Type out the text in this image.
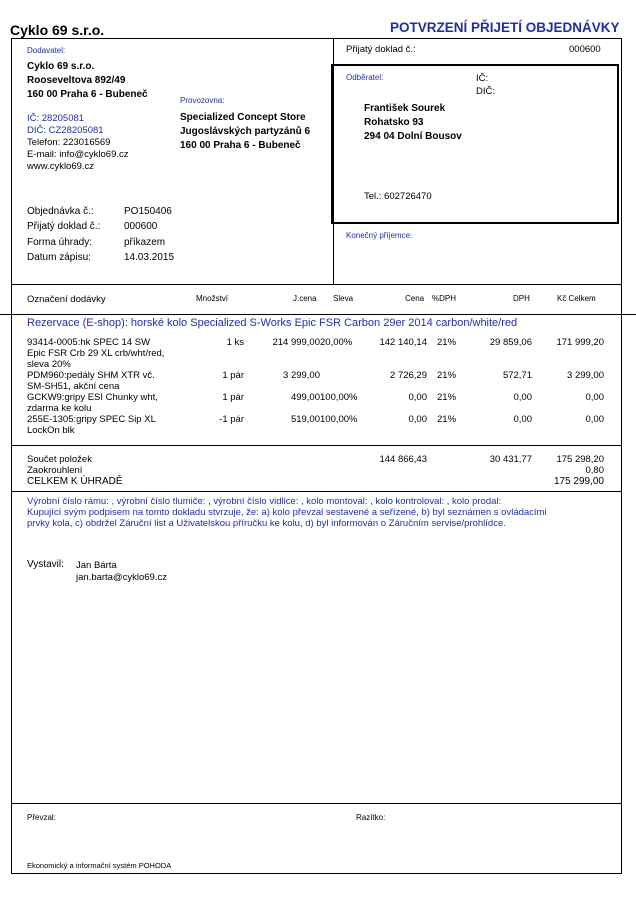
Cyklo 69 s.r.o.	POTVRZENÍ PŘIJETÍ OBJEDNÁVKY
Dodavatel:
Cyklo 69 s.r.o.
Rooseveltova 892/49
160 00 Praha 6 - Bubeneč
IČ: 28205081
DIČ: CZ28205081
Telefon: 223016569
E-mail: info@cyklo69.cz
www.cyklo69.cz
Provozovna:
Specialized Concept Store
Jugoslávských partyzánů 6
160 00 Praha 6 - Bubeneč
Objednávka č.:	PO150406
Přijatý doklad č.: 000600
Forma úhrady:	příkazem
Datum zápisu:	14.03.2015
Přijatý doklad č.:	000600
Odběratel:	IČ:
DIČ:
František Sourek
Rohatsko 93
294 04 Dolní Bousov
Tel.: 602726470
Konečný příjemce:
Označení dodávky	Množství	J.cena Sleva	Cena %DPH	DPH	Kč Celkem
Rezervace (E-shop): horské kolo Specialized S-Works Epic FSR Carbon 29er 2014 carbon/white/red
93414-0005:hk SPEC 14 SW
Epic FSR Crb 29 XL crb/wht/red,
sleva 20%
1 ks	214 999,00 20,00%	142 140,14 21%	29 859,06	171 999,20
PDM960:pedály SHM XTR vč.
SM-SH51, akční cena
1 pár	3 299,00	2 726,29 21%	572,71	3 299,00
GCKW9:gripy ESI Chunky wht,
zdarma ke kolu
1 pár	499,00 100,00%	0,00 21%	0,00	0,00
255E-1305:gripy SPEC Sip XL
LockOn blk
-1 pár	519,00 100,00%	0,00 21%	0,00	0,00
Součet položek	144 866,43	30 431,77	175 298,20
Zaokrouhlení	0,80
CELKEM K ÚHRADĚ	175 299,00
Výrobní číslo rámu: , výrobní číslo tlumiče: , výrobní číslo vidlice: , kolo montoval: , kolo kontroloval: , kolo prodal:
Kupující svým podpisem na tomto dokladu stvrzuje, že: a) kolo převzal sestavené a seřízené, b) byl seznámen s ovládacími
prvky kola, c) obdržel Záruční list a Uživatelskou příručku ke kolu, d) byl informován o Záručním servise/prohlídce.
Vystavil: Jan Bárta
jan.barta@cyklo69.cz
Převzal:	Razítko:
Ekonomický a informační systém POHODA
